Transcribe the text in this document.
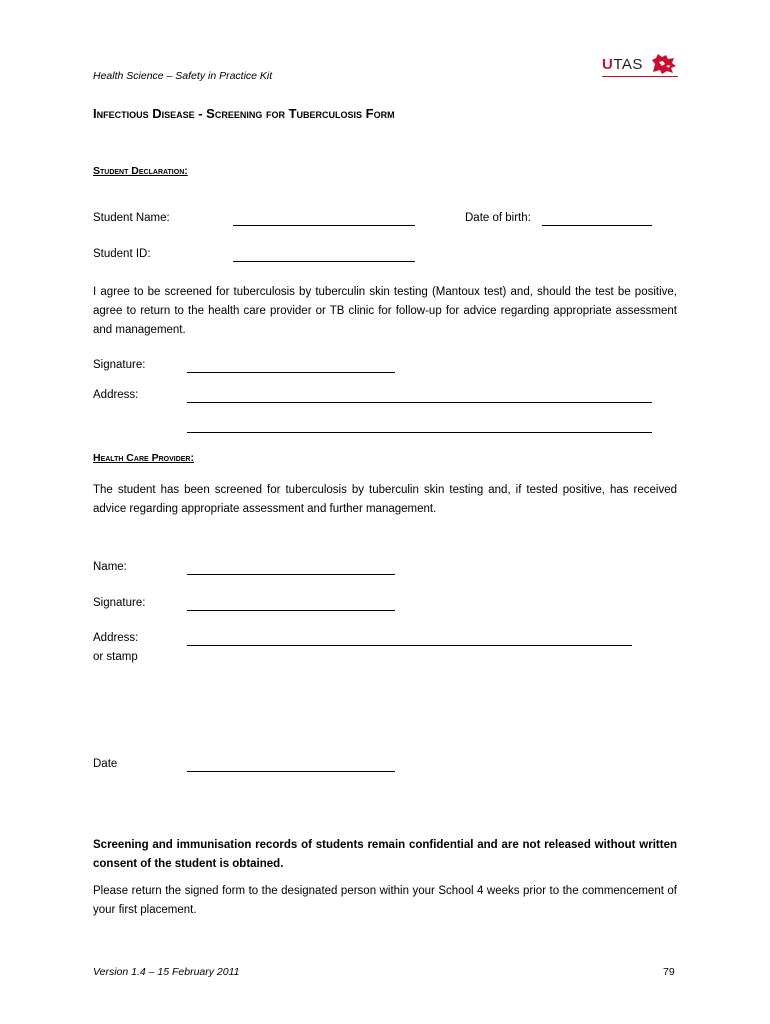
Health Science – Safety in Practice Kit
UTAS
Infectious Disease - Screening for Tuberculosis Form
Student Declaration:
Student Name:	Date of birth:
Student ID:
I agree to be screened for tuberculosis by tuberculin skin testing (Mantoux test) and, should the test be positive, agree to return to the health care provider or TB clinic for follow-up for advice regarding appropriate assessment and management.
Signature:
Address:
Health Care Provider:
The student has been screened for tuberculosis by tuberculin skin testing and, if tested positive, has received advice regarding appropriate assessment and further management.
Name:
Signature:
Address:
or stamp
Date
Screening and immunisation records of students remain confidential and are not released without written consent of the student is obtained.
Please return the signed form to the designated person within your School 4 weeks prior to the commencement of your first placement.
Version 1.4 – 15 February 2011	79
